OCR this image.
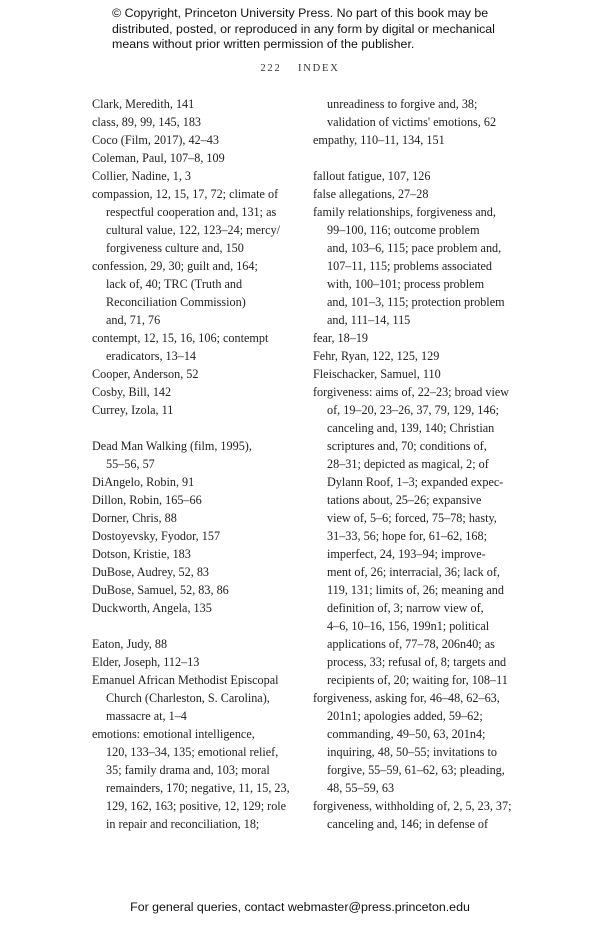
© Copyright, Princeton University Press. No part of this book may be
distributed, posted, or reproduced in any form by digital or mechanical
means without prior written permission of the publisher.
222 INDEX
Clark, Meredith, 141
class, 89, 99, 145, 183
Coco (Film, 2017), 42–43
Coleman, Paul, 107–8, 109
Collier, Nadine, 1, 3
compassion, 12, 15, 17, 72; climate of
respectful cooperation and, 131; as
cultural value, 122, 123–24; mercy/
forgiveness culture and, 150
confession, 29, 30; guilt and, 164;
lack of, 40; TRC (Truth and
Reconciliation Commission)
and, 71, 76
contempt, 12, 15, 16, 106; contempt
eradicators, 13–14
Cooper, Anderson, 52
Cosby, Bill, 142
Currey, Izola, 11
Dead Man Walking (film, 1995),
55–56, 57
DiAngelo, Robin, 91
Dillon, Robin, 165–66
Dorner, Chris, 88
Dostoyevsky, Fyodor, 157
Dotson, Kristie, 183
DuBose, Audrey, 52, 83
DuBose, Samuel, 52, 83, 86
Duckworth, Angela, 135
Eaton, Judy, 88
Elder, Joseph, 112–13
Emanuel African Methodist Episcopal
Church (Charleston, S. Carolina),
massacre at, 1–4
emotions: emotional intelligence,
120, 133–34, 135; emotional relief,
35; family drama and, 103; moral
remainders, 170; negative, 11, 15, 23,
129, 162, 163; positive, 12, 129; role
in repair and reconciliation, 18;
unreadiness to forgive and, 38;
validation of victims' emotions, 62
empathy, 110–11, 134, 151
fallout fatigue, 107, 126
false allegations, 27–28
family relationships, forgiveness and,
99–100, 116; outcome problem
and, 103–6, 115; pace problem and,
107–11, 115; problems associated
with, 100–101; process problem
and, 101–3, 115; protection problem
and, 111–14, 115
fear, 18–19
Fehr, Ryan, 122, 125, 129
Fleischacker, Samuel, 110
forgiveness: aims of, 22–23; broad view
of, 19–20, 23–26, 37, 79, 129, 146;
canceling and, 139, 140; Christian
scriptures and, 70; conditions of,
28–31; depicted as magical, 2; of
Dylann Roof, 1–3; expanded expec-
tations about, 25–26; expansive
view of, 5–6; forced, 75–78; hasty,
31–33, 56; hope for, 61–62, 168;
imperfect, 24, 193–94; improve-
ment of, 26; interracial, 36; lack of,
119, 131; limits of, 26; meaning and
definition of, 3; narrow view of,
4–6, 10–16, 156, 199n1; political
applications of, 77–78, 206n40; as
process, 33; refusal of, 8; targets and
recipients of, 20; waiting for, 108–11
forgiveness, asking for, 46–48, 62–63,
201n1; apologies added, 59–62;
commanding, 49–50, 63, 201n4;
inquiring, 48, 50–55; invitations to
forgive, 55–59, 61–62, 63; pleading,
48, 55–59, 63
forgiveness, withholding of, 2, 5, 23, 37;
canceling and, 146; in defense of
For general queries, contact webmaster@press.princeton.edu
